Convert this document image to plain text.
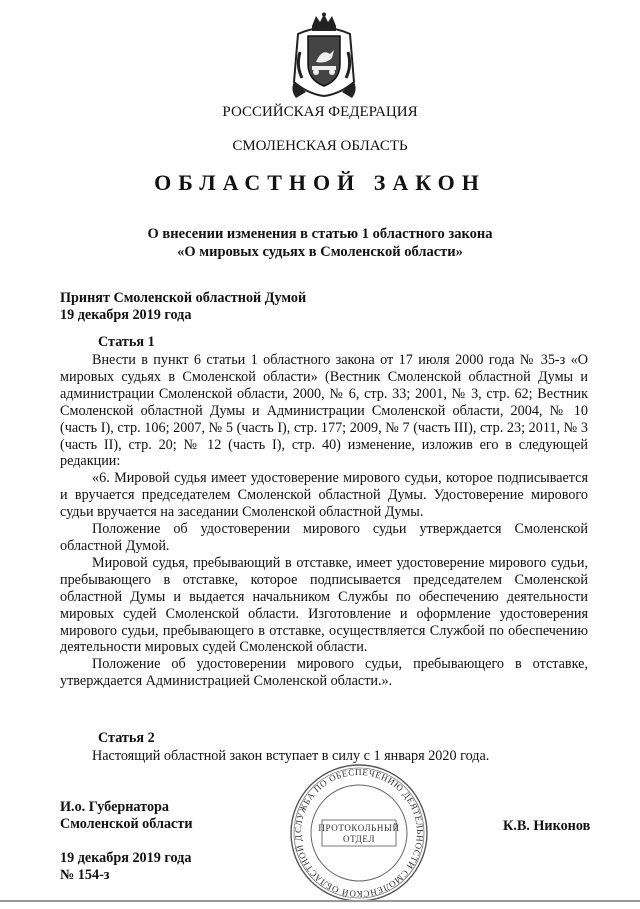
РОССИЙСКАЯ ФЕДЕРАЦИЯ
СМОЛЕНСКАЯ ОБЛАСТЬ
ОБЛАСТНОЙ ЗАКОН
О внесении изменения в статью 1 областного закона
«О мировых судьях в Смоленской области»
Принят Смоленской областной Думой
19 декабря 2019 года
Статья 1

Внести в пункт 6 статьи 1 областного закона от 17 июля 2000 года № 35-з «О мировых судьях в Смоленской области» (Вестник Смоленской областной Думы и администрации Смоленской области, 2000, № 6, стр. 33; 2001, № 3, стр. 62; Вестник Смоленской областной Думы и Администрации Смоленской области, 2004, № 10 (часть I), стр. 106; 2007, № 5 (часть I), стр. 177; 2009, № 7 (часть III), стр. 23; 2011, № 3 (часть II), стр. 20; № 12 (часть I), стр. 40) изменение, изложив его в следующей редакции:

«6. Мировой судья имеет удостоверение мирового судьи, которое подписывается и вручается председателем Смоленской областной Думы. Удостоверение мирового судьи вручается на заседании Смоленской областной Думы.

Положение об удостоверении мирового судьи утверждается Смоленской областной Думой.

Мировой судья, пребывающий в отставке, имеет удостоверение мирового судьи, пребывающего в отставке, которое подписывается председателем Смоленской областной Думы и выдается начальником Службы по обеспечению деятельности мировых судей Смоленской области. Изготовление и оформление удостоверения мирового судьи, пребывающего в отставке, осуществляется Службой по обеспечению деятельности мировых судей Смоленской области.

Положение об удостоверении мирового судьи, пребывающего в отставке, утверждается Администрацией Смоленской области.».

Статья 2
Настоящий областной закон вступает в силу с 1 января 2020 года.
И.о. Губернатора
Смоленской области	К.В. Никонов
19 декабря 2019 года
№ 154-з
СЛУЖБА ПО ОБЕСПЕЧЕНИЮ ДЕЯТЕЛЬНОСТИ СМОЛЕНСКОЙ ОБЛАСТНОЙ Д
ПРОТОКОЛЬНЫЙ
ОТДЕЛ
